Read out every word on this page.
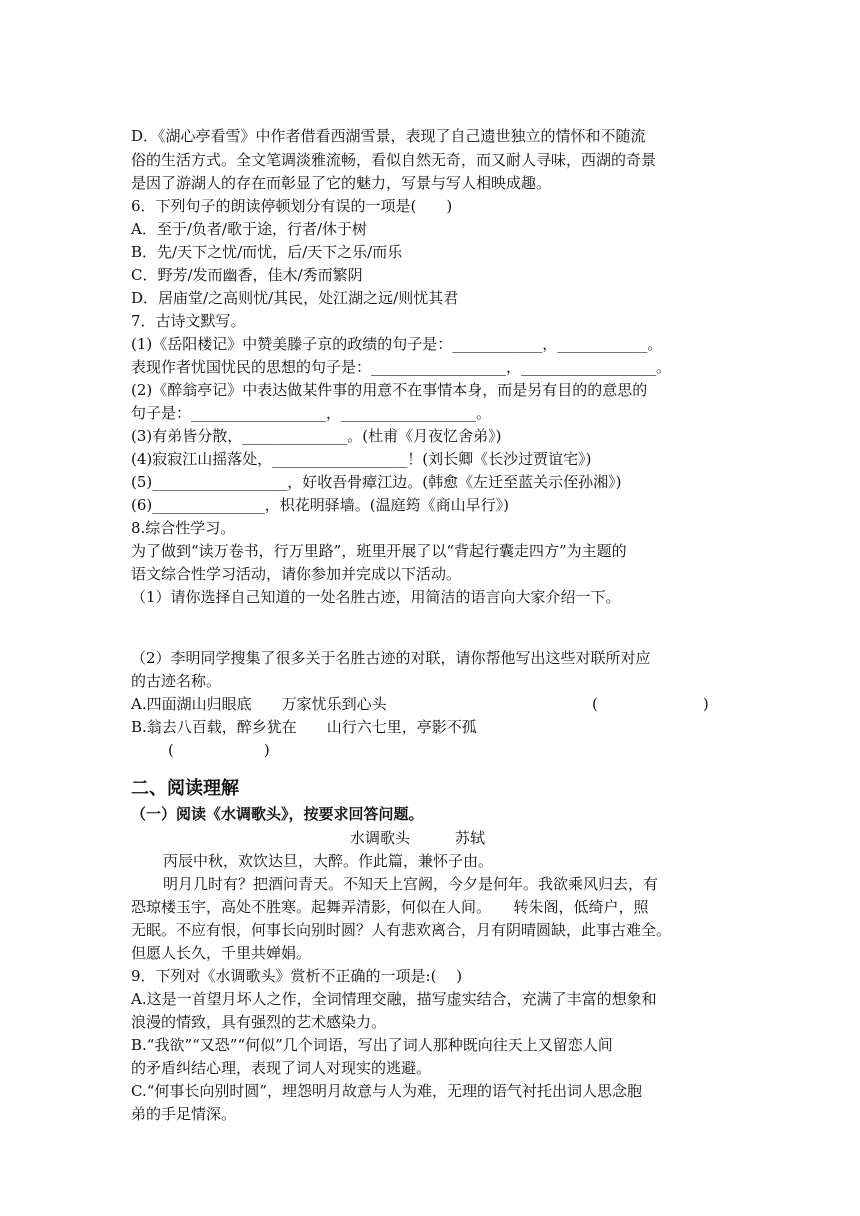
D．《湖心亭看雪》中作者借看西湖雪景，表现了自己遗世独立的情怀和不随流
俗的生活方式。全文笔调淡雅流畅，看似自然无奇，而又耐人寻味，西湖的奇景
是因了游湖人的存在而彰显了它的魅力，写景与写人相映成趣。
6．下列句子的朗读停顿划分有误的一项是(　　)
A．至于/负者/歌于途，行者/休于树
B．先/天下之忧/而忧，后/天下之乐/而乐
C．野芳/发而幽香，佳木/秀而繁阴
D．居庙堂/之高则忧/其民，处江湖之远/则忧其君
7．古诗文默写。
(1)《岳阳楼记》中赞美滕子京的政绩的句子是：____________，____________。
表现作者忧国忧民的思想的句子是：__________________，__________________。
(2)《醉翁亭记》中表达做某件事的用意不在事情本身，而是另有目的的意思的
句子是：__________________，__________________。
(3)有弟皆分散，______________。(杜甫《月夜忆舍弟》)
(4)寂寂江山摇落处，__________________！(刘长卿《长沙过贾谊宅》)
(5)__________________，好收吾骨瘴江边。(韩愈《左迁至蓝关示侄孙湘》)
(6)_______________，枳花明驿墙。(温庭筠《商山早行》)
8.综合性学习。
为了做到“读万卷书，行万里路”，班里开展了以“背起行囊走四方”为主题的
语文综合性学习活动，请你参加并完成以下活动。
（1）请你选择自己知道的一处名胜古迹，用简洁的语言向大家介绍一下。
（2）李明同学搜集了很多关于名胜古迹的对联，请你帮他写出这些对联所对应
的古迹名称。
A.四面湖山归眼底　　万家忧乐到心头	(　　　　　　　)
B.翁去八百载，醉乡犹在　　山行六七里，亭影不孤
(　　　　　　)
二、阅读理解
（一）阅读《水调歌头》，按要求回答问题。
水调歌头　　　苏轼
丙辰中秋，欢饮达旦，大醉。作此篇，兼怀子由。
明月几时有？把酒问青天。不知天上宫阙，今夕是何年。我欲乘风归去，有
恐琼楼玉宇，高处不胜寒。起舞弄清影，何似在人间。　　转朱阁，低绮户，照
无眠。不应有恨，何事长向别时圆？人有悲欢离合，月有阴晴圆缺，此事古难全。
但愿人长久，千里共婵娟。
9．下列对《水调歌头》赏析不正确的一项是:(　 )
A.这是一首望月坏人之作，全词情理交融，描写虚实结合，充满了丰富的想象和
浪漫的情致，具有强烈的艺术感染力。
B.“我欲”“又恐”“何似”几个词语，写出了词人那种既向往天上又留恋人间
的矛盾纠结心理，表现了词人对现实的逃避。
C.“何事长向别时圆”，埋怨明月故意与人为难，无理的语气衬托出词人思念胞
弟的手足情深。
